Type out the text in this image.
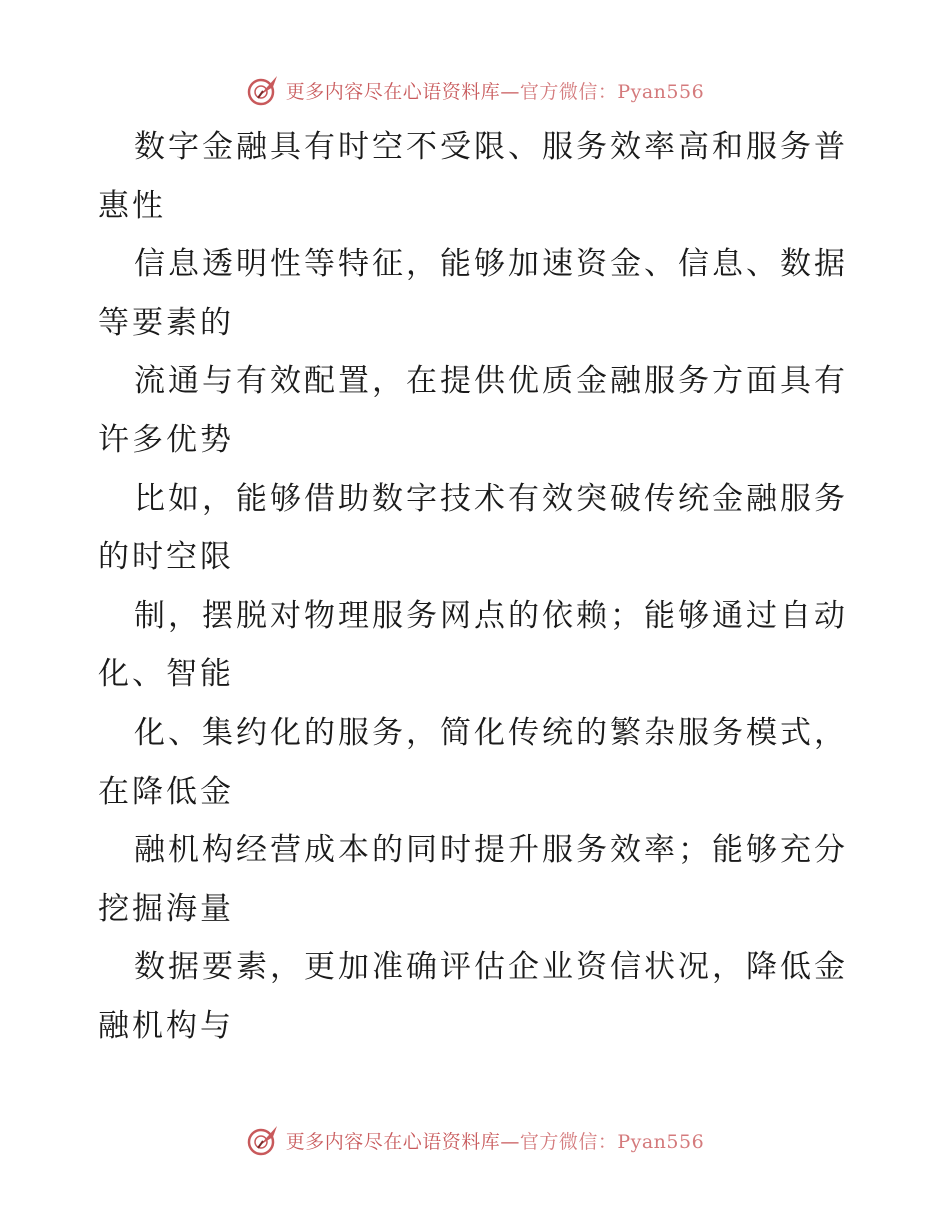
更多内容尽在心语资料库—官方微信：Pyan556
数字金融具有时空不受限、服务效率高和服务普
惠性
信息透明性等特征，能够加速资金、信息、数据
等要素的
流通与有效配置，在提供优质金融服务方面具有
许多优势
比如，能够借助数字技术有效突破传统金融服务
的时空限
制，摆脱对物理服务网点的依赖；能够通过自动
化、智能
化、集约化的服务，简化传统的繁杂服务模式，
在降低金
融机构经营成本的同时提升服务效率；能够充分
挖掘海量
数据要素，更加准确评估企业资信状况，降低金
融机构与
更多内容尽在心语资料库—官方微信：Pyan556
